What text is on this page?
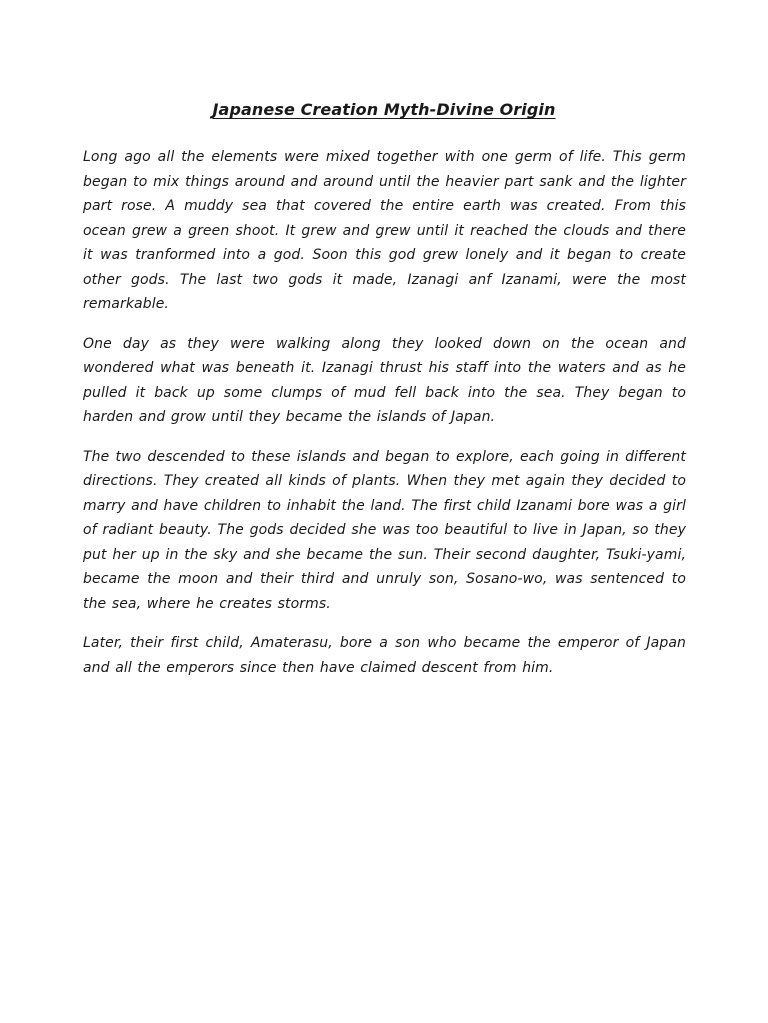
Japanese Creation Myth-Divine Origin

Long ago all the elements were mixed together with one germ of life. This germ began to mix things around and around until the heavier part sank and the lighter part rose. A muddy sea that covered the entire earth was created. From this ocean grew a green shoot. It grew and grew until it reached the clouds and there it was tranformed into a god. Soon this god grew lonely and it began to create other gods. The last two gods it made, Izanagi anf Izanami, were the most remarkable.

One day as they were walking along they looked down on the ocean and wondered what was beneath it. Izanagi thrust his staff into the waters and as he pulled it back up some clumps of mud fell back into the sea. They began to harden and grow until they became the islands of Japan.

The two descended to these islands and began to explore, each going in different directions. They created all kinds of plants. When they met again they decided to marry and have children to inhabit the land. The first child Izanami bore was a girl of radiant beauty. The gods decided she was too beautiful to live in Japan, so they put her up in the sky and she became the sun. Their second daughter, Tsuki-yami, became the moon and their third and unruly son, Sosano-wo, was sentenced to the sea, where he creates storms.

Later, their first child, Amaterasu, bore a son who became the emperor of Japan and all the emperors since then have claimed descent from him.
